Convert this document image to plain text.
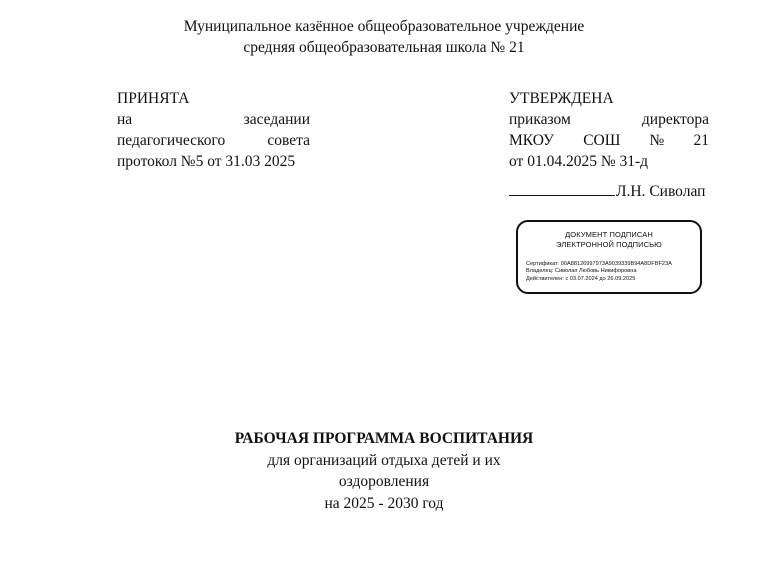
Муниципальное казённое общеобразовательное учреждение
средняя общеобразовательная школа № 21
ПРИНЯТА
на	заседании
педагогического	совета
протокол №5 от 31.03 2025
УТВЕРЖДЕНА
приказом	директора
МКОУ СОШ № 21
от 01.04.2025 № 31-д
Л.Н. Сиволап
ДОКУМЕНТ ПОДПИСАН
ЭЛЕКТРОННОЙ ПОДПИСЬЮ
Сертификат: 00A88126997973A9039339B94A8DFBF23A
Владелец: Сиволап Любовь Никифоровна
Действителен: с 03.07.2024 до 26.09.2025
РАБОЧАЯ ПРОГРАММА ВОСПИТАНИЯ
для организаций отдыха детей и их
оздоровления
на 2025 - 2030 год
